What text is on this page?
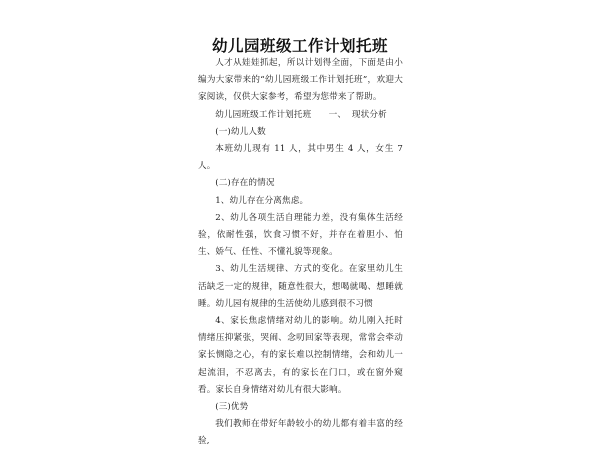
幼儿园班级工作计划托班

人才从娃娃抓起，所以计划得全面，下面是由小编为大家带来的“幼儿园班级工作计划托班”，欢迎大家阅读，仅供大家参考，希望为您带来了帮助。

幼儿园班级工作计划托班      一、  现状分析

(一)幼儿人数

本班幼儿现有 11 人，其中男生 4 人，女生 7 人。

(二)存在的情况

1、幼儿存在分离焦虑。

2、幼儿各项生活自理能力差，没有集体生活经验，依耐性强，饮食习惯不好，并存在着胆小、怕生、娇气、任性、不懂礼貌等现象。

3、幼儿生活规律、方式的变化。在家里幼儿生活缺乏一定的规律，随意性很大，想喝就喝、想睡就睡。幼儿园有规律的生活使幼儿感到很不习惯

4、家长焦虑情绪对幼儿的影响。幼儿刚入托时情绪压抑紧张，哭闹、念叨回家等表现，常常会牵动家长恻隐之心，有的家长难以控制情绪，会和幼儿一起流泪，不忍离去，有的家长在门口，或在窗外窥看。家长自身情绪对幼儿有很大影响。

(三)优势

我们教师在带好年龄较小的幼儿都有着丰富的经验,
